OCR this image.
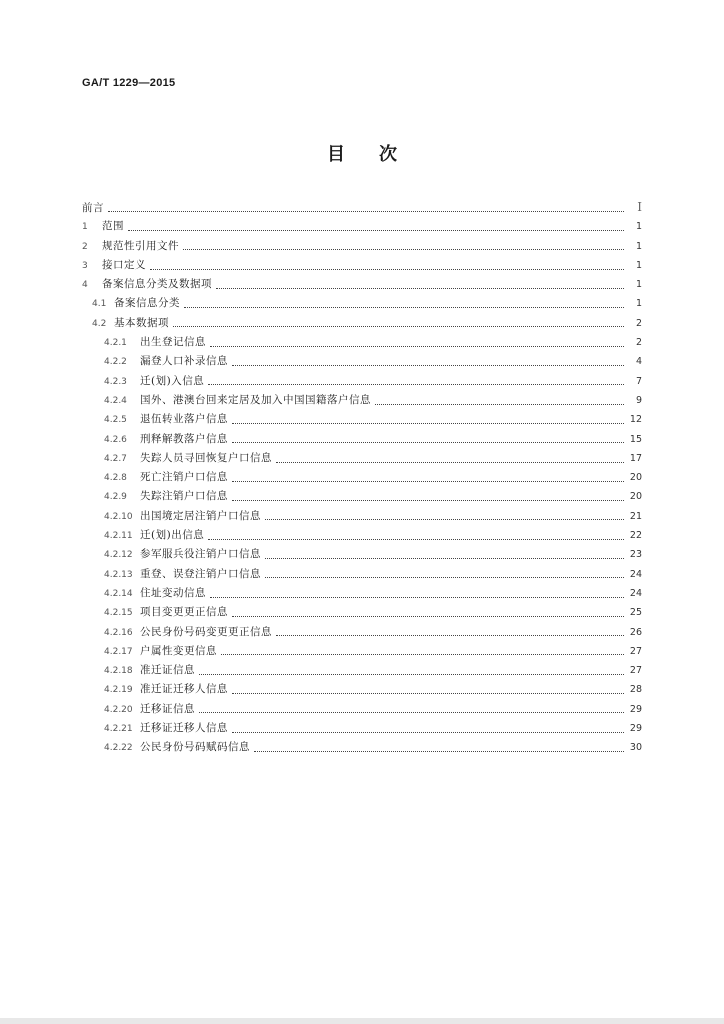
GA/T 1229—2015
目次
前言	Ⅰ
1	范围	1
2	规范性引用文件	1
3	接口定义	1
4	备案信息分类及数据项	1
4.1 备案信息分类	1
4.2 基本数据项	2
4.2.1	出生登记信息	2
4.2.2	漏登人口补录信息	4
4.2.3	迁(划)入信息	7
4.2.4	国外、港澳台回来定居及加入中国国籍落户信息	9
4.2.5	退伍转业落户信息	12
4.2.6	刑释解教落户信息	15
4.2.7	失踪人员寻回恢复户口信息	17
4.2.8	死亡注销户口信息	20
4.2.9	失踪注销户口信息	20
4.2.10 出国境定居注销户口信息	21
4.2.11 迁(划)出信息	22
4.2.12 参军服兵役注销户口信息	23
4.2.13 重登、误登注销户口信息	24
4.2.14 住址变动信息	24
4.2.15 项目变更更正信息	25
4.2.16 公民身份号码变更更正信息	26
4.2.17 户属性变更信息	27
4.2.18 准迁证信息	27
4.2.19 准迁证迁移人信息	28
4.2.20 迁移证信息	29
4.2.21 迁移证迁移人信息	29
4.2.22 公民身份号码赋码信息	30
